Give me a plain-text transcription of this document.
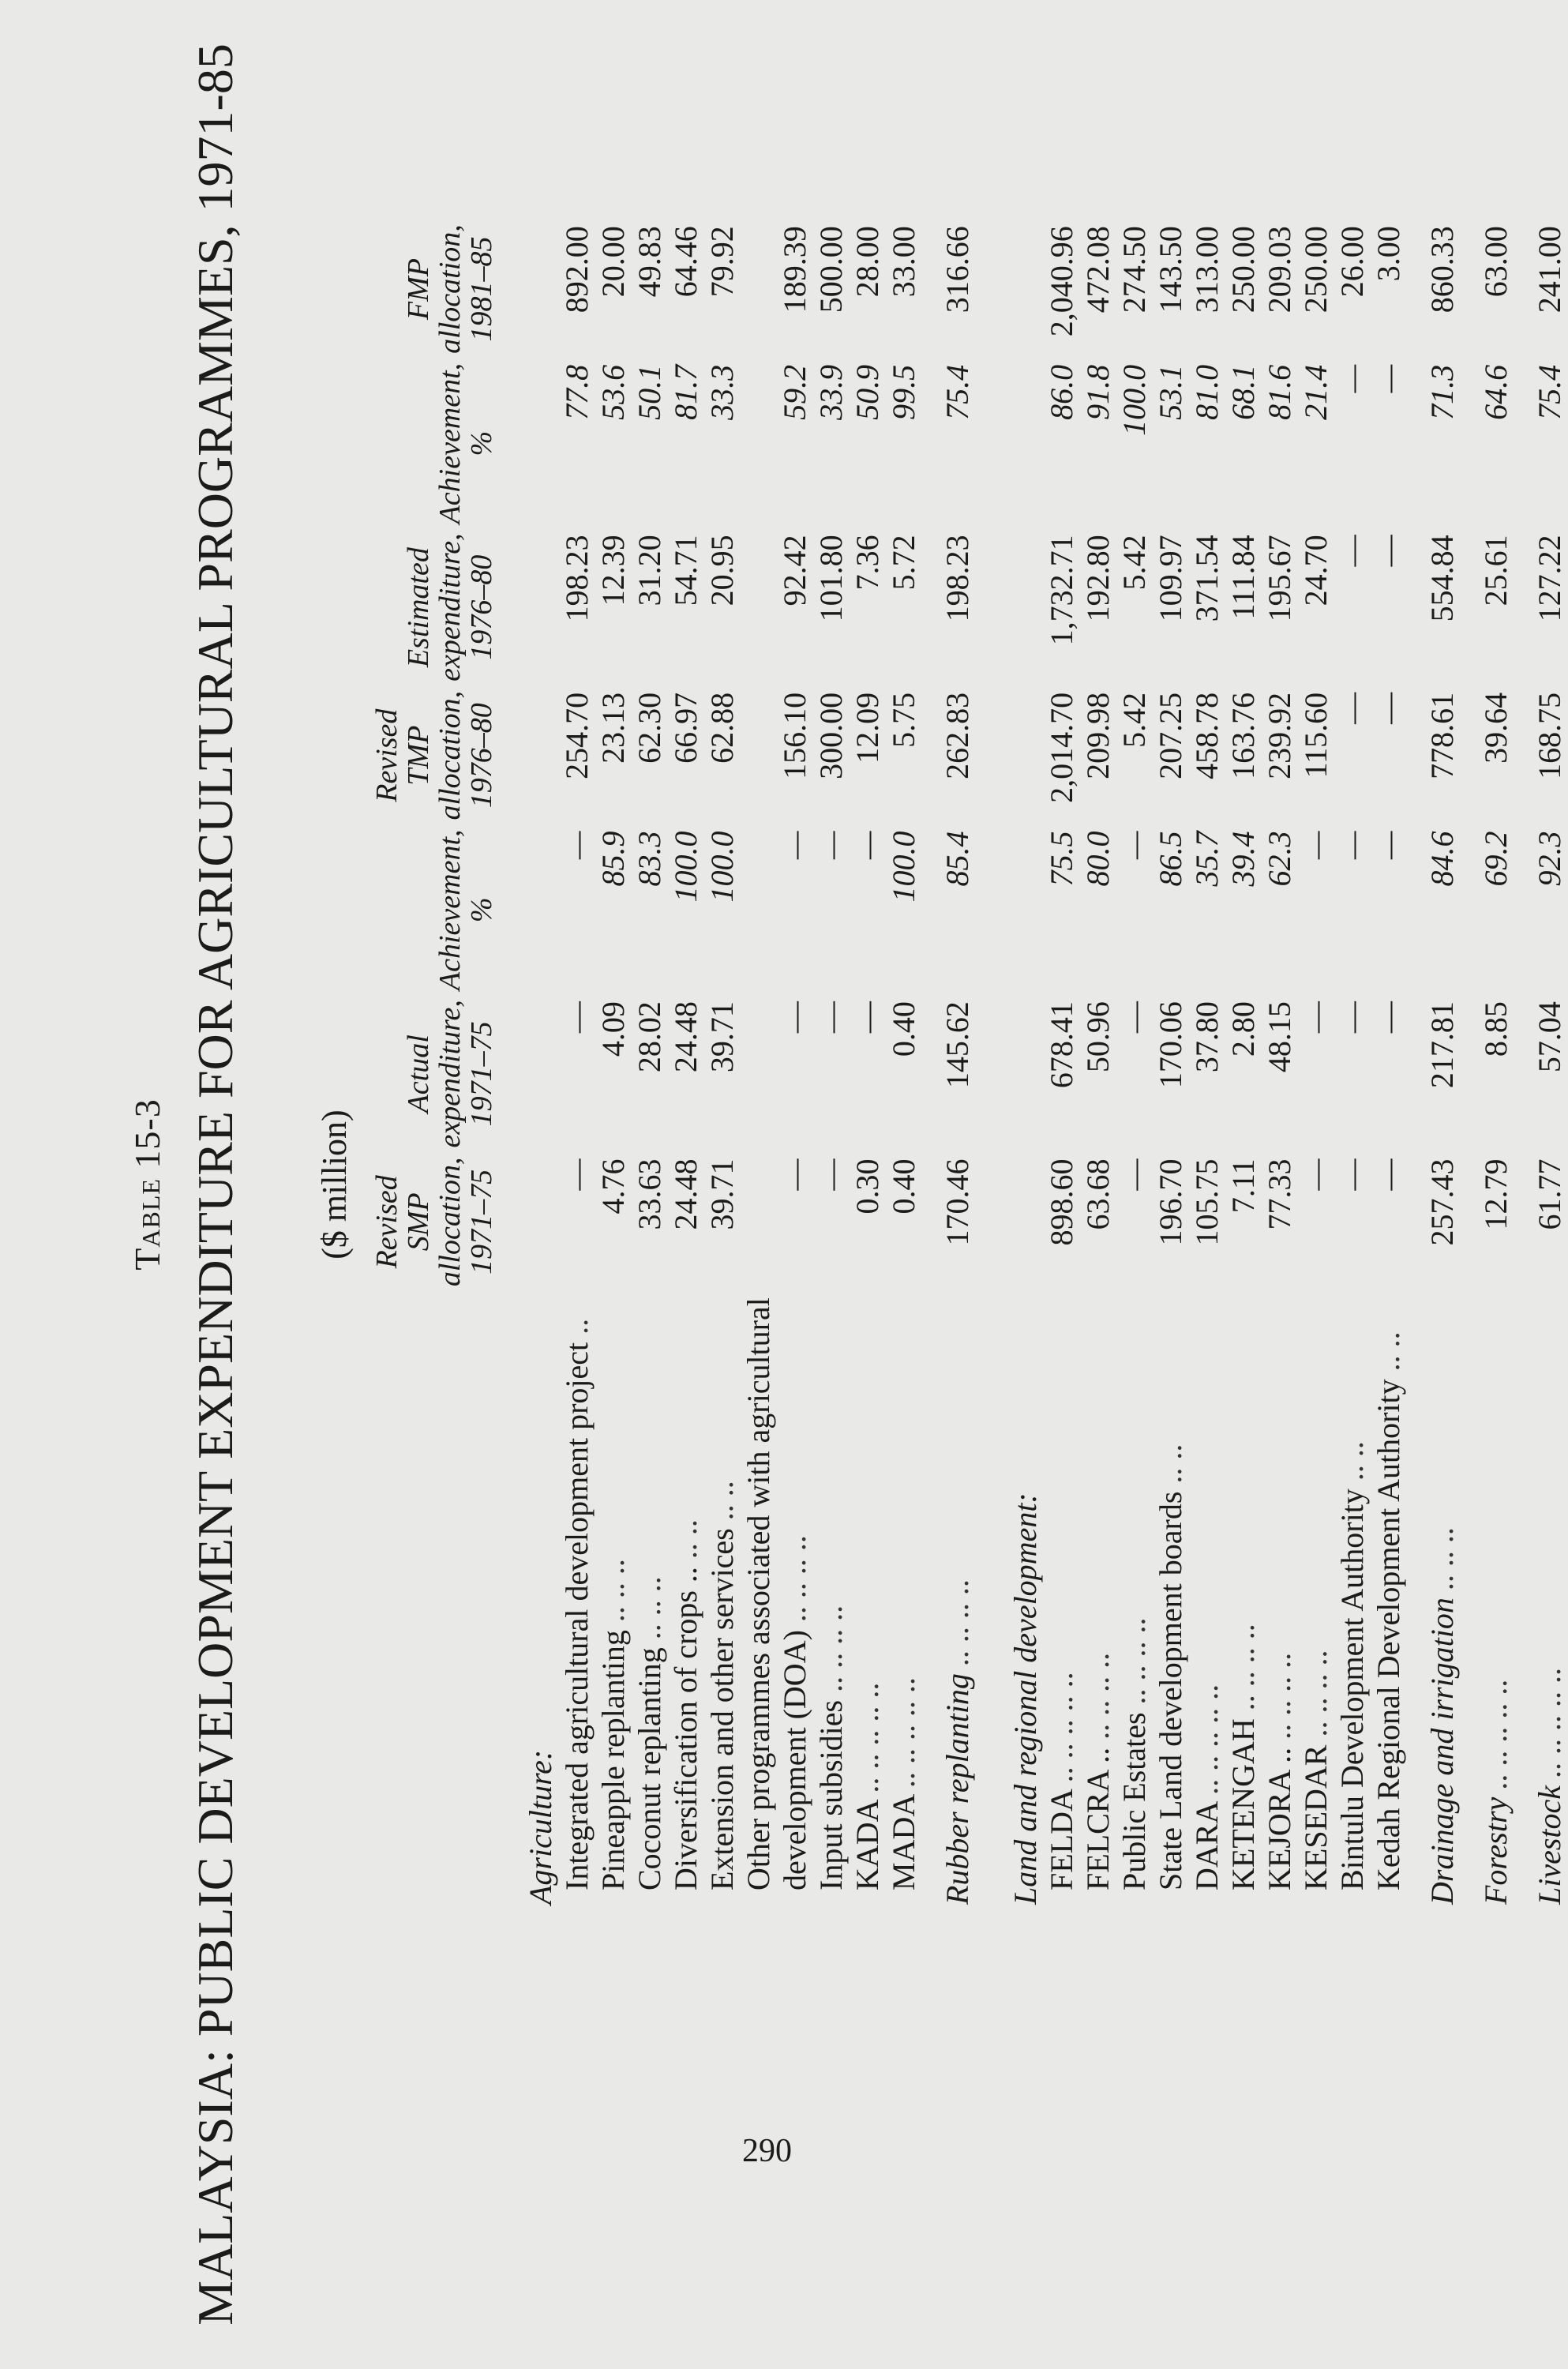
Table 15-3 MALAYSIA: PUBLIC DEVELOPMENT EXPENDITURE FOR AGRICULTURAL PROGRAMMES, 1971-85 ($ million)
	Revised SMP allocation, 1971–75	Actual expenditure, 1971–75	Achievement, %	Revised TMP allocation, 1976–80	Estimated expenditure, 1976–80	Achievement, %	FMP allocation, 1981–85
Agriculture:							
Integrated agricultural development project ..	—	—	—	254.70	198.23	77.8	892.00
Pineapple replanting .. .. ..	4.76	4.09	85.9	23.13	12.39	53.6	20.00
Coconut replanting .. .. ..	33.63	28.02	83.3	62.30	31.20	50.1	49.83
Diversification of crops .. .. ..	24.48	24.48	100.0	66.97	54.71	81.7	64.46
Extension and other services .. ..	39.71	39.71	100.0	62.88	20.95	33.3	79.92
Other programmes associated with agricultural							
development (DOA) .. .. .. ..	—	—	—	156.10	92.42	59.2	189.39
Input subsidies .. .. .. ..	—	—	—	300.00	101.80	33.9	500.00
KADA .. .. .. .. ..	0.30	—	—	12.09	7.36	50.9	28.00
MADA .. .. .. .. ..	0.40	0.40	100.0	5.75	5.72	99.5	33.00

Rubber replanting .. .. .. ..	170.46	145.62	85.4	262.83	198.23	75.4	316.66

Land and regional development:							
FELDA .. .. .. .. ..	898.60	678.41	75.5	2,014.70	1,732.71	86.0	2,040.96
FELCRA .. .. .. .. ..	63.68	50.96	80.0	209.98	192.80	91.8	472.08
Public Estates .. .. .. ..	—	—	—	5.42	5.42	100.0	274.50
State Land development boards .. ..	196.70	170.06	86.5	207.25	109.97	53.1	143.50
DARA .. .. .. .. ..	105.75	37.80	35.7	458.78	371.54	81.0	313.00
KETENGAH .. .. .. ..	7.11	2.80	39.4	163.76	111.84	68.1	250.00
KEJORA .. .. .. .. ..	77.33	48.15	62.3	239.92	195.67	81.6	209.03
KESEDAR .. .. .. ..	—	—	—	115.60	24.70	21.4	250.00
Bintulu Development Authority .. ..	—	—	—	—	—	—	26.00
Kedah Regional Development Authority .. ..	—	—	—	—	—	—	3.00

Drainage and irrigation .. .. ..	257.43	217.81	84.6	778.61	554.84	71.3	860.33

Forestry .. .. .. .. ..	12.79	8.85	69.2	39.64	25.61	64.6	63.00

Livestock .. .. .. .. ..	61.77	57.04	92.3	168.75	127.22	75.4	241.00
290
